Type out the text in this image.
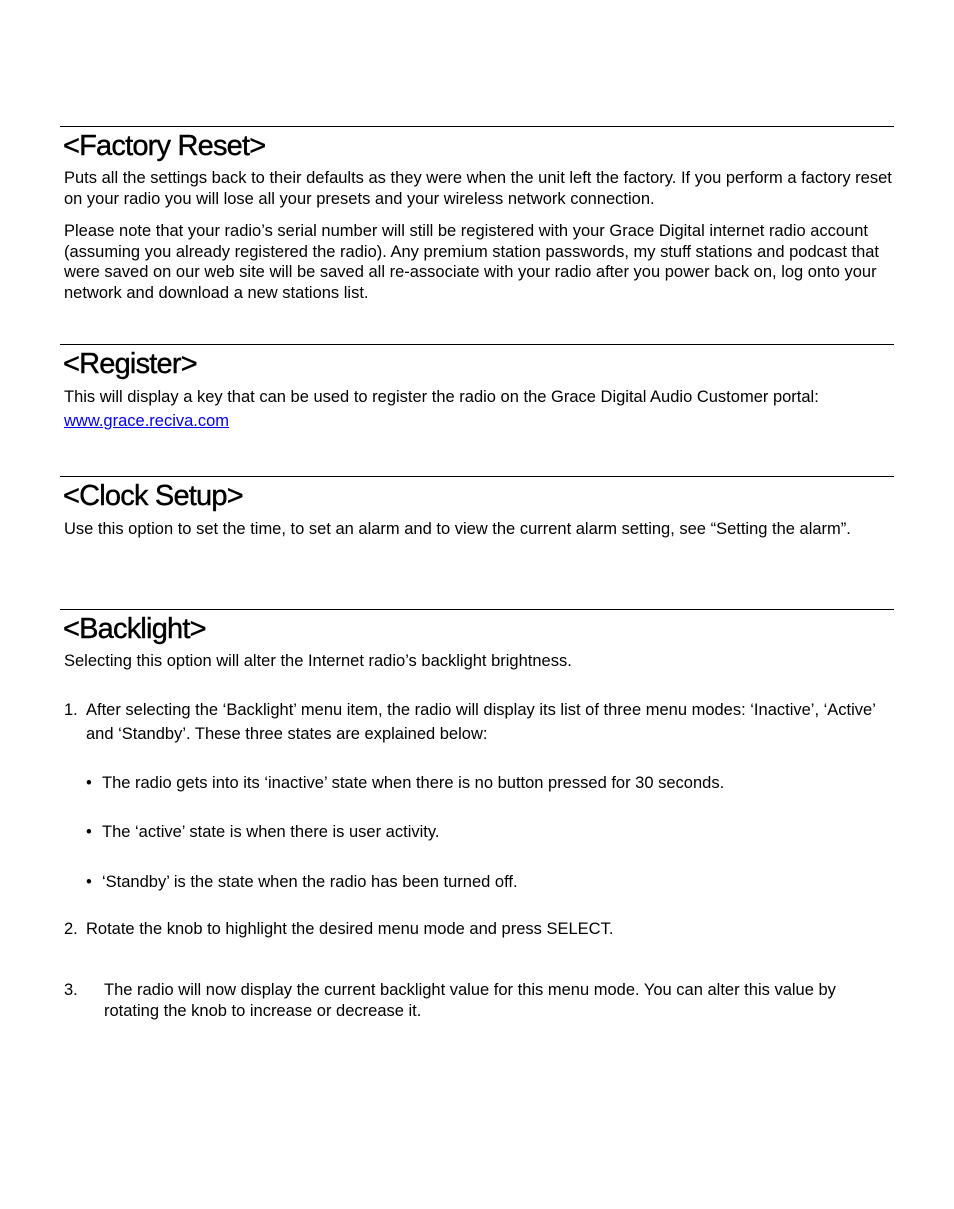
<Factory Reset>

Puts all the settings back to their defaults as they were when the unit left the factory. If you perform a factory reset on your radio you will lose all your presets and your wireless network connection.

Please note that your radio’s serial number will still be registered with your Grace Digital internet radio account (assuming you already registered the radio). Any premium station passwords, my stuff stations and podcast that were saved on our web site will be saved all re-associate with your radio after you power back on, log onto your network and download a new stations list.

<Register>

This will display a key that can be used to register the radio on the Grace Digital Audio Customer portal:
www.grace.reciva.com

<Clock Setup>

Use this option to set the time, to set an alarm and to view the current alarm setting, see “Setting the alarm”.

<Backlight>

Selecting this option will alter the Internet radio’s backlight brightness.

1. After selecting the ‘Backlight’ menu item, the radio will display its list of three menu modes: ‘Inactive’, ‘Active’ and ‘Standby’. These three states are explained below:

• The radio gets into its ‘inactive’ state when there is no button pressed for 30 seconds.
• The ‘active’ state is when there is user activity.
• ‘Standby’ is the state when the radio has been turned off.
2. Rotate the knob to highlight the desired menu mode and press SELECT.

3. The radio will now display the current backlight value for this menu mode. You can alter this value by rotating the knob to increase or decrease it.
